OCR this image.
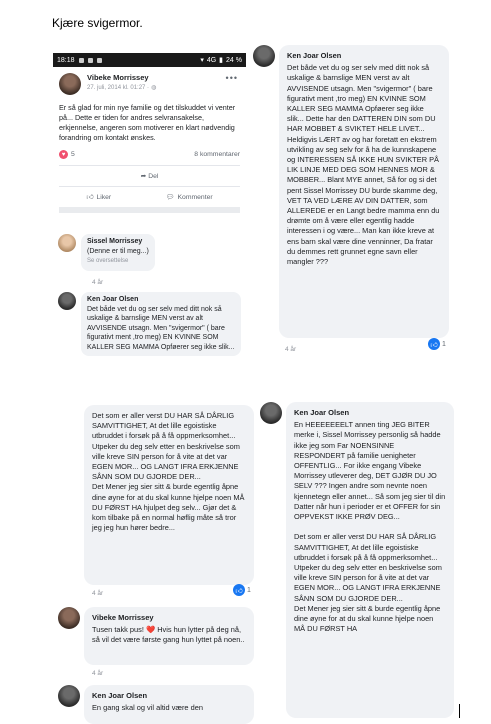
Kjære svigermor.
18:18	▾ 4G ▮ 24 %
Vibeke Morrissey
27. juli, 2014 kl. 01:27 · ◍
•••
Er så glad for min nye familie og det tilskuddet vi venter på... Dette er tiden for andres selvransakelse, erkjennelse, angeren som motiverer en klart nødvendig forandring om kontakt ønskes.
♥ 5	8 kommentarer
➦ Del
👍︎ Liker	💬︎ Kommenter
Sissel Morrissey
(Denne er til meg...)
Se oversettelse
4 år
Ken Joar Olsen
Det både vet du og ser selv med ditt nok så uskalige & barnslige MEN verst av alt AVVISENDE utsagn. Men "svigermor" ( bare figurativt ment ,tro meg) EN KVINNE SOM KALLER SEG MAMMA Opføerer seg ikke slik...
Ken Joar Olsen
Det både vet du og ser selv med ditt nok så uskalige & barnslige MEN verst av alt AVVISENDE utsagn. Men "svigermor" ( bare figurativt ment ,tro meg) EN KVINNE SOM KALLER SEG MAMMA Opføerer seg ikke slik... Dette har den DATTEREN DIN som DU HAR MOBBET & SVIKTET HELE LIVET... Heldigvis LÆRT av og har foretatt en ekstrem utvikling av seg selv for å ha de kunnskapene og INTERESSEN SÅ IKKE HUN SVIKTER PÅ LIK LINJE MED DEG SOM HENNES MOR & MOBBER... Blant MYE annet, Så for og si det pent Sissel Morrissey DU burde skamme deg, VET TA VED LÆRE AV DIN DATTER, som ALLEREDE er en Langt bedre mamma enn du drømte om å være eller egentlig hadde interessen i og være... Man kan ikke kreve at ens barn skal være dine venninner, Da fratar du demmes rett grunnet egne savn eller mangler ???
4 år
👍︎ 1
Det som er aller verst DU HAR SÅ DÅRLIG SAMVITTIGHET, At det lille egoistiske utbruddet i forsøk på å få oppmerksomhet... Utpeker du deg selv etter en beskrivelse som ville kreve SIN person for å vite at det var EGEN MOR... OG LANGT IFRA ERKJENNE SÅNN SOM DU GJORDE DER...
Det Mener jeg sier sitt & burde egentlig åpne dine øyne for at du skal kunne hjelpe noen MÅ DU FØRST HA hjulpet deg selv... Gjør det & kom tilbake på en normal høflig måte så tror jeg jeg hun hører bedre...
4 år	👍︎ 1
Vibeke Morrissey
Tusen takk pus! ❤️ Hvis hun lytter på deg nå, så vil det være første gang hun lyttet på noen..
4 år
Ken Joar Olsen
En gang skal og vil altid være den
Ken Joar Olsen
En HEEEEEEELT annen ting JEG BITER merke i, Sissel Morrissey personlig så hadde ikke jeg som Far NOENSINNE RESPONDERT på familie uenigheter OFFENTLIG... For ikke engang Vibeke Morrissey utleverer deg, DET GJØR DU JO SELV ??? Ingen andre som nevnte noen kjennetegn eller annet... Så som jeg sier til din Datter når hun i perioder er et OFFER for sin OPPVEKST IKKE PRØV DEG...

Det som er aller verst DU HAR SÅ DÅRLIG SAMVITTIGHET, At det lille egoistiske utbruddet i forsøk på å få oppmerksomhet... Utpeker du deg selv etter en beskrivelse som ville kreve SIN person for å vite at det var EGEN MOR... OG LANGT IFRA ERKJENNE SÅNN SOM DU GJORDE DER...
Det Mener jeg sier sitt & burde egentlig åpne dine øyne for at du skal kunne hjelpe noen MÅ DU FØRST HA
